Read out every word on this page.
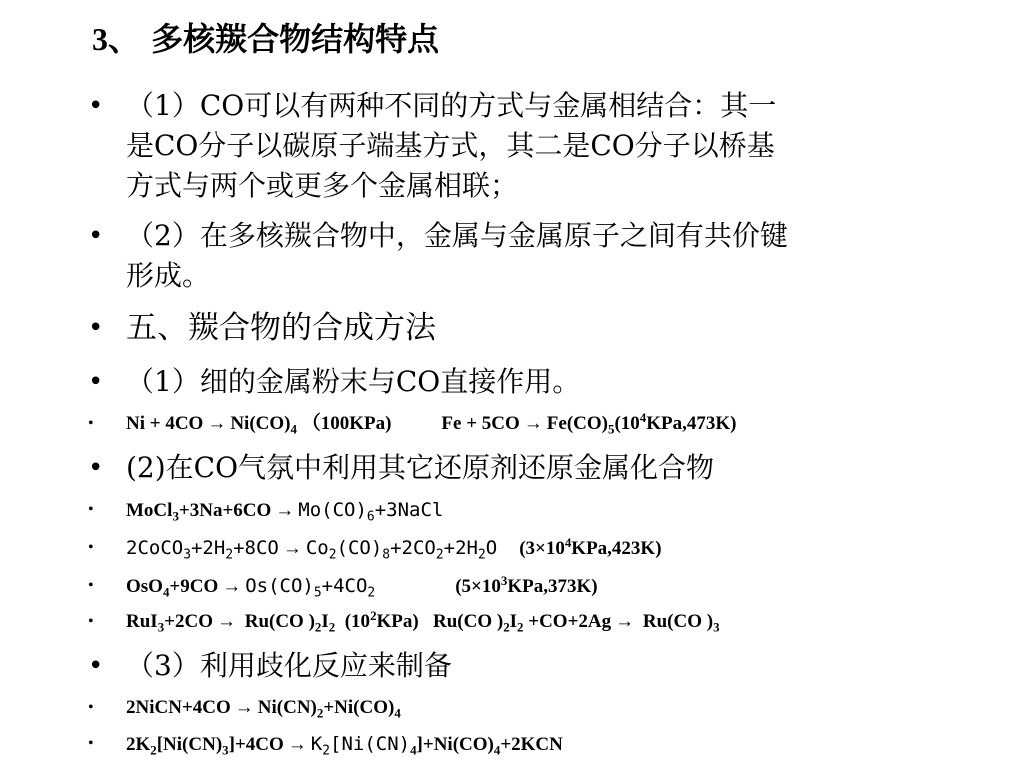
3、 多核羰合物结构特点
• （1）CO可以有两种不同的方式与金属相结合：其一
是CO分子以碳原子端基方式，其二是CO分子以桥基
方式与两个或更多个金属相联；
• （2）在多核羰合物中，金属与金属原子之间有共价键
形成。
• 五、羰合物的合成方法
• （1）细的金属粉末与CO直接作用。
• $Ni + 4CO \to Ni(CO)_4$ （100KPa)	$Fe + 5CO \to Fe(CO)_5(10^4KPa,473K)$
• (2)在CO气氛中利用其它还原剂还原金属化合物
• MoCl$_3$+3Na+6CO → $Mo(CO)_6+3NaCl$
• $2CoCO_3+2H_2+8CO \to Co_2(CO)_8+2CO_2+2H_2O$ $(3\times 10^4KPa,423K)$
• $OsO_4+9CO \to Os(CO)_5+4CO_2$	$(5\times 10^3KPa,373K)$
• RuI$_3$+2CO → Ru(CO )$_2I_2$ $(10^2KPa)$ Ru(CO )$_2I_2 +CO+2Ag \to Ru(CO$ )$_3$
• （3）利用歧化反应来制备
• 2NiCN+4CO → $Ni(CN)_2+Ni(CO)_4$
• $2K_2[Ni(CN)_3]+4CO \to K_2[Ni(CN)_4]+Ni(CO)_4+2KCN$
